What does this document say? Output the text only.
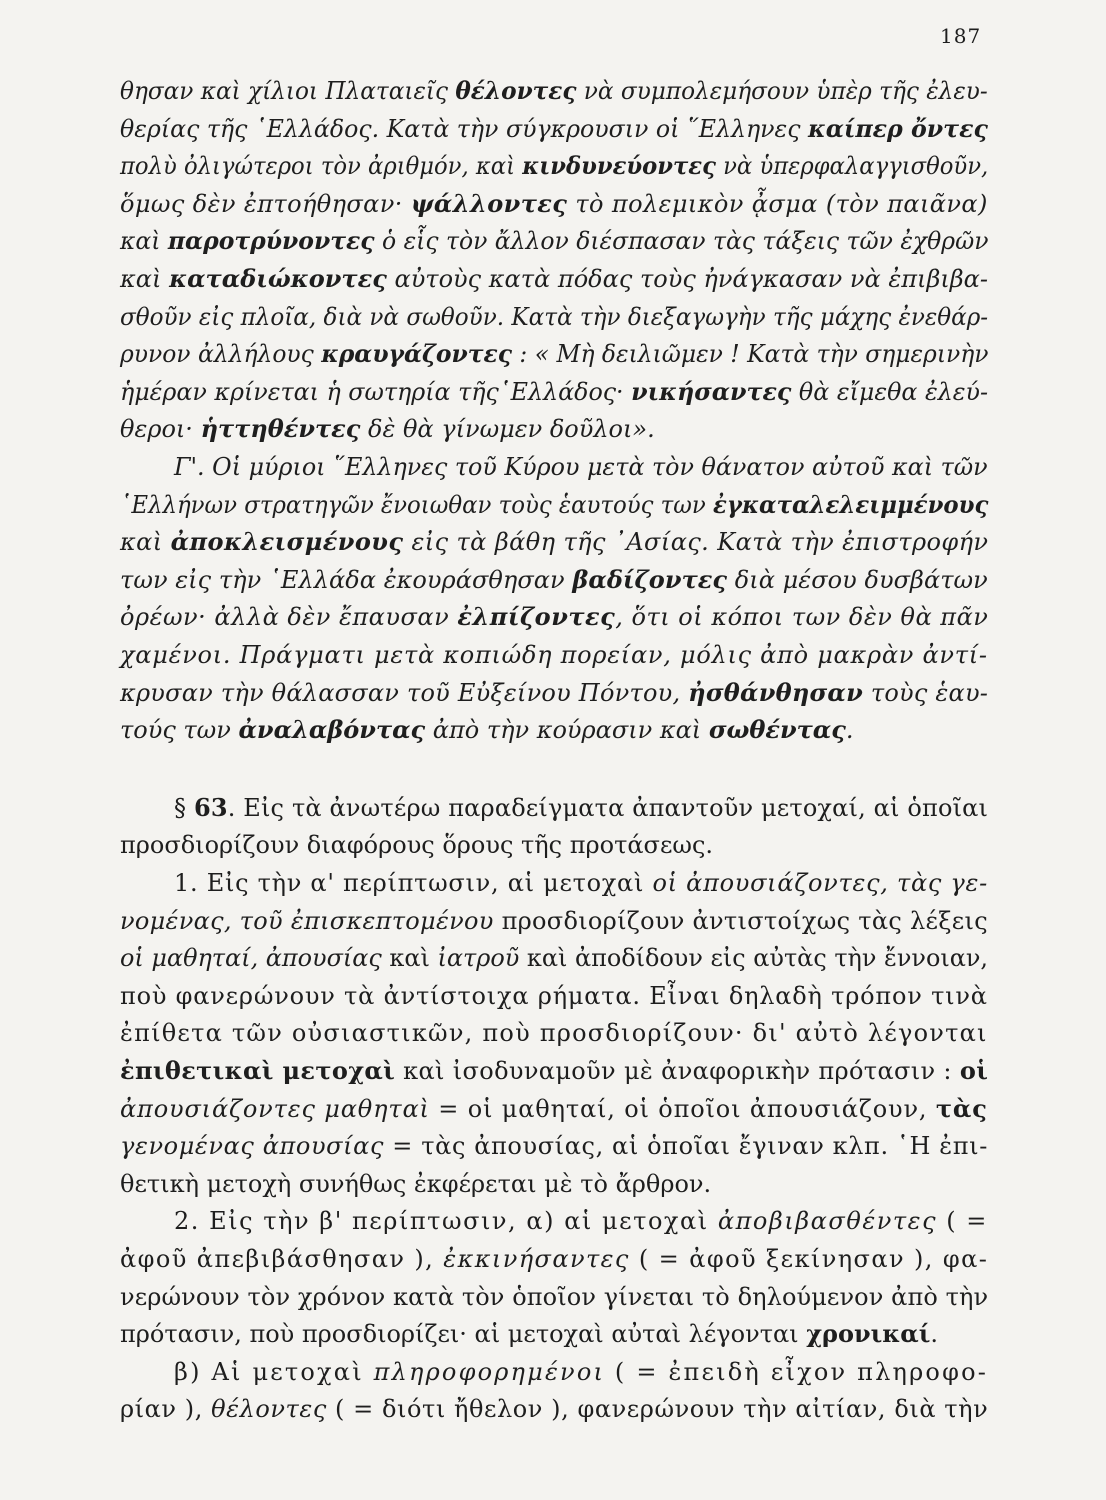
187
θησαν καὶ χίλιοι Πλαταιεῖς θέλοντες νὰ συμπολεμήσουν ὑπὲρ τῆς ἐλευ-
θερίας τῆς ῾Ελλάδος. Κατὰ τὴν σύγκρουσιν οἱ ῞Ελληνες καίπερ ὄντες
πολὺ ὀλιγώτεροι τὸν ἀριθμόν, καὶ κινδυνεύοντες νὰ ὑπερφαλαγγισθοῦν,
ὅμως δὲν ἐπτοήθησαν· ψάλλοντες τὸ πολεμικὸν ᾆσμα (τὸν παιᾶνα)
καὶ παροτρύνοντες ὁ εἷς τὸν ἄλλον διέσπασαν τὰς τάξεις τῶν ἐχθρῶν
καὶ καταδιώκοντες αὐτοὺς κατὰ πόδας τοὺς ἠνάγκασαν νὰ ἐπιβιβα-
σθοῦν εἰς πλοῖα, διὰ νὰ σωθοῦν. Κατὰ τὴν διεξαγωγὴν τῆς μάχης ἐνεθάρ-
ρυνον ἀλλήλους κραυγάζοντες : « Μὴ δειλιῶμεν ! Κατὰ τὴν σημερινὴν
ἡμέραν κρίνεται ἡ σωτηρία τῆς῾Ελλάδος· νικήσαντες θὰ εἴμεθα ἐλεύ-
θεροι· ἡττηθέντες δὲ θὰ γίνωμεν δοῦλοι».
Γ'. Οἱ μύριοι ῞Ελληνες τοῦ Κύρου μετὰ τὸν θάνατον αὐτοῦ καὶ τῶν
῾Ελλήνων στρατηγῶν ἔνοιωθαν τοὺς ἑαυτούς των ἐγκαταλελειμμένους
καὶ ἀποκλεισμένους εἰς τὰ βάθη τῆς ᾿Ασίας. Κατὰ τὴν ἐπιστροφήν
των εἰς τὴν ῾Ελλάδα ἐκουράσθησαν βαδίζοντες διὰ μέσου δυσβάτων
ὀρέων· ἀλλὰ δὲν ἔπαυσαν ἐλπίζοντες, ὅτι οἱ κόποι των δὲν θὰ πᾶν
χαμένοι. Πράγματι μετὰ κοπιώδη πορείαν, μόλις ἀπὸ μακρὰν ἀντί-
κρυσαν τὴν θάλασσαν τοῦ Εὐξείνου Πόντου, ἠσθάνθησαν τοὺς ἑαυ-
τούς των ἀναλαβόντας ἀπὸ τὴν κούρασιν καὶ σωθέντας.
§ 63. Εἰς τὰ ἀνωτέρω παραδείγματα ἀπαντοῦν μετοχαί, αἱ ὁποῖαι
προσδιορίζουν διαφόρους ὅρους τῆς προτάσεως.
1. Εἰς τὴν α' περίπτωσιν, αἱ μετοχαὶ οἱ ἀπουσιάζοντες, τὰς γε-
νομένας, τοῦ ἐπισκεπτομένου προσδιορίζουν ἀντιστοίχως τὰς λέξεις
οἱ μαθηταί, ἀπουσίας καὶ ἰατροῦ καὶ ἀποδίδουν εἰς αὐτὰς τὴν ἔννοιαν,
ποὺ φανερώνουν τὰ ἀντίστοιχα ρήματα. Εἶναι δηλαδὴ τρόπον τινὰ
ἐπίθετα τῶν οὐσιαστικῶν, ποὺ προσδιορίζουν· δι' αὐτὸ λέγονται
ἐπιθετικαὶ μετοχαὶ καὶ ἰσοδυναμοῦν μὲ ἀναφορικὴν πρότασιν : οἱ
ἀπουσιάζοντες μαθηταὶ = οἱ μαθηταί, οἱ ὁποῖοι ἀπουσιάζουν, τὰς
γενομένας ἀπουσίας = τὰς ἀπουσίας, αἱ ὁποῖαι ἔγιναν κλπ. ῾Η ἐπι-
θετικὴ μετοχὴ συνήθως ἐκφέρεται μὲ τὸ ἄρθρον.
2. Εἰς τὴν β' περίπτωσιν, α) αἱ μετοχαὶ ἀποβιβασθέντες ( =
ἀφοῦ ἀπεβιβάσθησαν ), ἐκκινήσαντες ( = ἀφοῦ ξεκίνησαν ), φα-
νερώνουν τὸν χρόνον κατὰ τὸν ὁποῖον γίνεται τὸ δηλούμενον ἀπὸ τὴν
πρότασιν, ποὺ προσδιορίζει· αἱ μετοχαὶ αὐταὶ λέγονται χρονικαί.
β) Αἱ μετοχαὶ πληροφορημένοι ( = ἐπειδὴ εἶχον πληροφο-
ρίαν ), θέλοντες ( = διότι ἤθελον ), φανερώνουν τὴν αἰτίαν, διὰ τὴν
